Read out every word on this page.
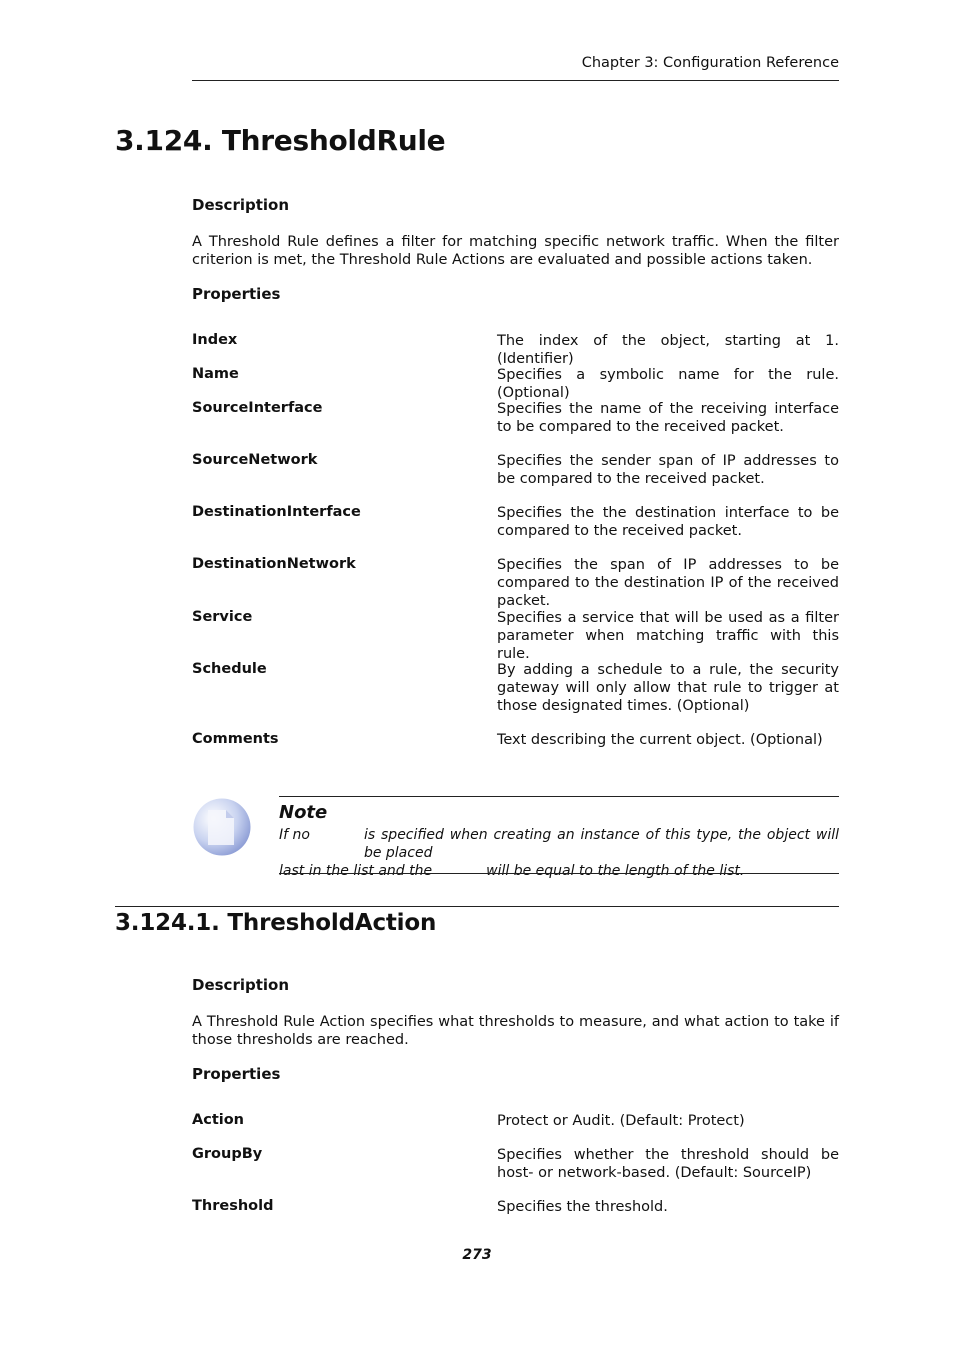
Chapter 3: Configuration Reference
3.124. ThresholdRule
Description
A Threshold Rule defines a filter for matching specific network traffic. When the filter criterion is met, the Threshold Rule Actions are evaluated and possible actions taken.
Properties
Index	The index of the object, starting at 1. (Identifier)
Name	Specifies a symbolic name for the rule. (Optional)
SourceInterface	Specifies the name of the receiving interface to be compared to the received packet.
SourceNetwork	Specifies the sender span of IP addresses to be compared to the received packet.
DestinationInterface	Specifies the the destination interface to be compared to the received packet.
DestinationNetwork	Specifies the span of IP addresses to be compared to the destination IP of the received packet.
Service	Specifies a service that will be used as a filter parameter when matching traffic with this rule.
Schedule	By adding a schedule to a rule, the security gateway will only allow that rule to trigger at those designated times. (Optional)
Comments	Text describing the current object. (Optional)
Note
If no	is specified when creating an instance of this type, the object will be placed
last in the list and the	will be equal to the length of the list.
3.124.1. ThresholdAction
Description
A Threshold Rule Action specifies what thresholds to measure, and what action to take if those thresholds are reached.
Properties
Action	Protect or Audit. (Default: Protect)
GroupBy	Specifies whether the threshold should be host- or network-based. (Default: SourceIP)
Threshold	Specifies the threshold.
273
